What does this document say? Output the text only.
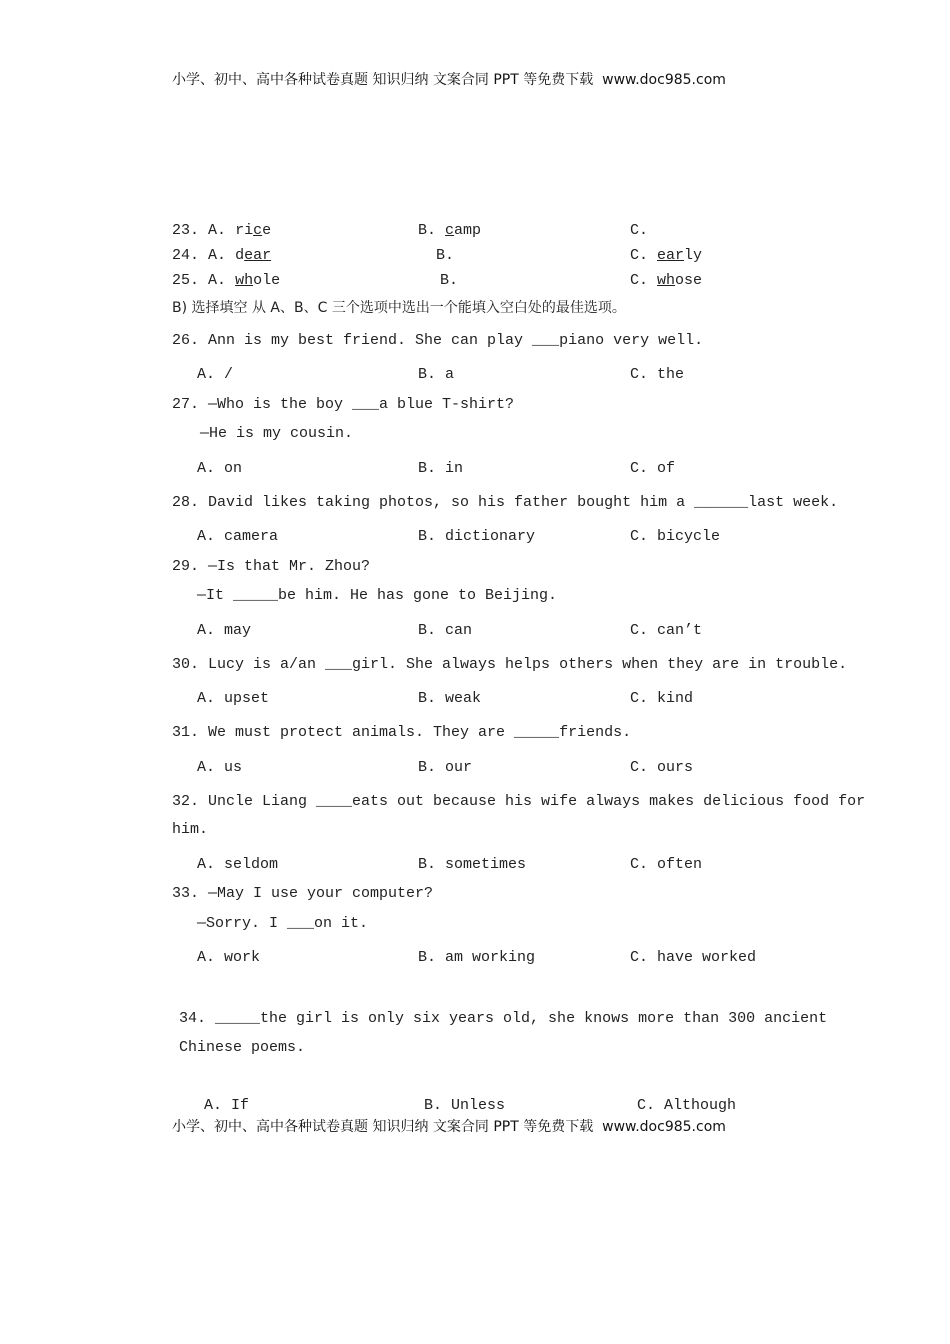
小学、初中、高中各种试卷真题 知识归纳 文案合同 PPT 等免费下载 www.doc985.com
23. A. rice	B. camp	C.
24. A. dear	B.	C. early
25. A. whole	B.	C. whose
B) 选择填空 从 A、B、C 三个选项中选出一个能填入空白处的最佳选项。
26. Ann is my best friend. She can play ___piano very well.
A. /	B. a	C. the
27. —Who is the boy ___a blue T-shirt?
—He is my cousin.
A. on	B. in	C. of
28. David likes taking photos, so his father bought him a ______last week.
A. camera	B. dictionary	C. bicycle
29. —Is that Mr. Zhou?
—It _____be him. He has gone to Beijing.
A. may	B. can	C. can’t
30. Lucy is a/an ___girl. She always helps others when they are in trouble.
A. upset	B. weak	C. kind
31. We must protect animals. They are _____friends.
A. us	B. our	C. ours
32. Uncle Liang ____eats out because his wife always makes delicious food for
him.
A. seldom	B. sometimes	C. often
33. —May I use your computer?
—Sorry. I ___on it.
A. work	B. am working	C. have worked
34. _____the girl is only six years old, she knows more than 300 ancient
Chinese poems.
A. If	B. Unless	C. Although
小学、初中、高中各种试卷真题 知识归纳 文案合同 PPT 等免费下载 www.doc985.com
